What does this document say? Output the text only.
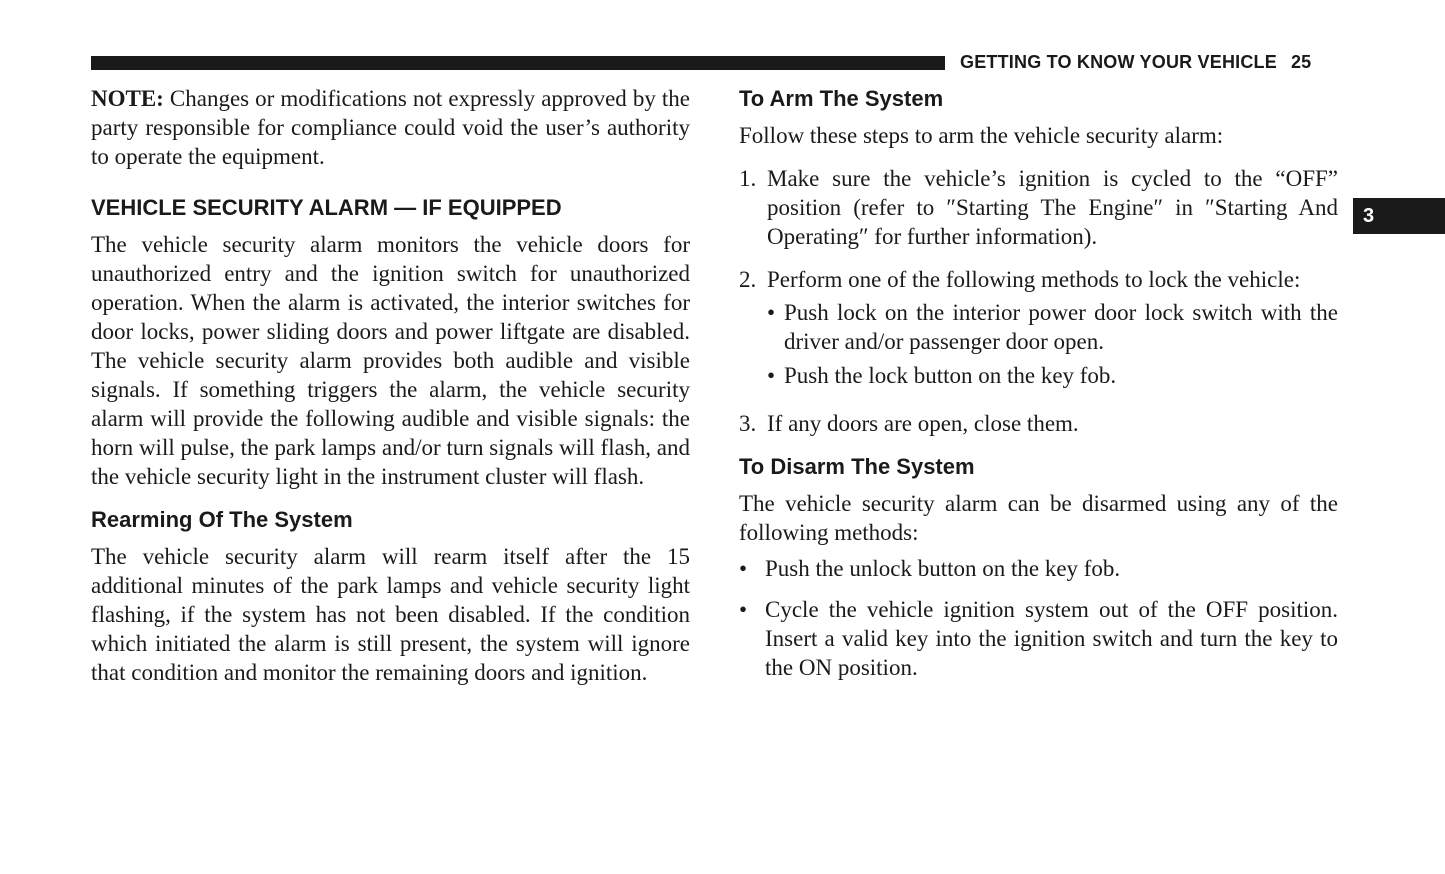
GETTING TO KNOW YOUR VEHICLE 25
3

NOTE: Changes or modifications not expressly approved by the party responsible for compliance could void the user’s authority to operate the equipment.

VEHICLE SECURITY ALARM — IF EQUIPPED

The vehicle security alarm monitors the vehicle doors for unauthorized entry and the ignition switch for unauthorized operation. When the alarm is activated, the interior switches for door locks, power sliding doors and power liftgate are disabled. The vehicle security alarm provides both audible and visible signals. If something triggers the alarm, the vehicle security alarm will provide the following audible and visible signals: the horn will pulse, the park lamps and/or turn signals will flash, and the vehicle security light in the instrument cluster will flash.

Rearming Of The System

The vehicle security alarm will rearm itself after the 15 additional minutes of the park lamps and vehicle security light flashing, if the system has not been disabled. If the condition which initiated the alarm is still present, the system will ignore that condition and monitor the remaining doors and ignition.

To Arm The System

Follow these steps to arm the vehicle security alarm:

1. Make sure the vehicle’s ignition is cycled to the “OFF” position (refer to ″Starting The Engine″ in ″Starting And Operating″ for further information).

2. Perform one of the following methods to lock the vehicle:

• Push lock on the interior power door lock switch with the driver and/or passenger door open.
• Push the lock button on the key fob.
3. If any doors are open, close them.

To Disarm The System

The vehicle security alarm can be disarmed using any of the following methods:

• Push the unlock button on the key fob.
• Cycle the vehicle ignition system out of the OFF position. Insert a valid key into the ignition switch and turn the key to the ON position.
